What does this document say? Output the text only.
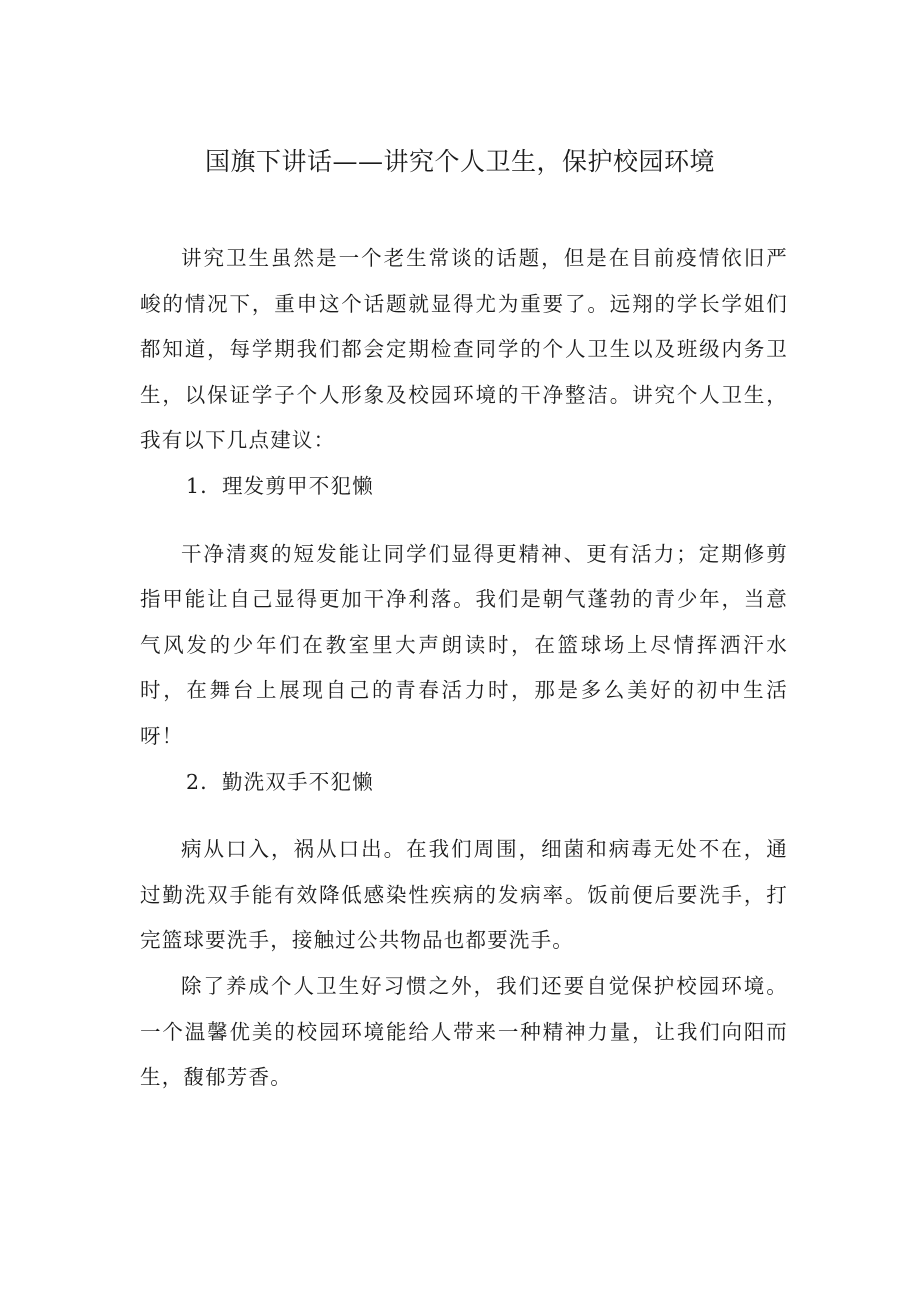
国旗下讲话——讲究个人卫生，保护校园环境

讲究卫生虽然是一个老生常谈的话题，但是在目前疫情依旧严峻的情况下，重申这个话题就显得尤为重要了。远翔的学长学姐们都知道，每学期我们都会定期检查同学的个人卫生以及班级内务卫生，以保证学子个人形象及校园环境的干净整洁。讲究个人卫生，我有以下几点建议：

1．理发剪甲不犯懒

干净清爽的短发能让同学们显得更精神、更有活力；定期修剪指甲能让自己显得更加干净利落。我们是朝气蓬勃的青少年，当意气风发的少年们在教室里大声朗读时，在篮球场上尽情挥洒汗水时，在舞台上展现自己的青春活力时，那是多么美好的初中生活呀！

2．勤洗双手不犯懒

病从口入，祸从口出。在我们周围，细菌和病毒无处不在，通过勤洗双手能有效降低感染性疾病的发病率。饭前便后要洗手，打完篮球要洗手，接触过公共物品也都要洗手。

除了养成个人卫生好习惯之外，我们还要自觉保护校园环境。一个温馨优美的校园环境能给人带来一种精神力量，让我们向阳而生，馥郁芳香。
